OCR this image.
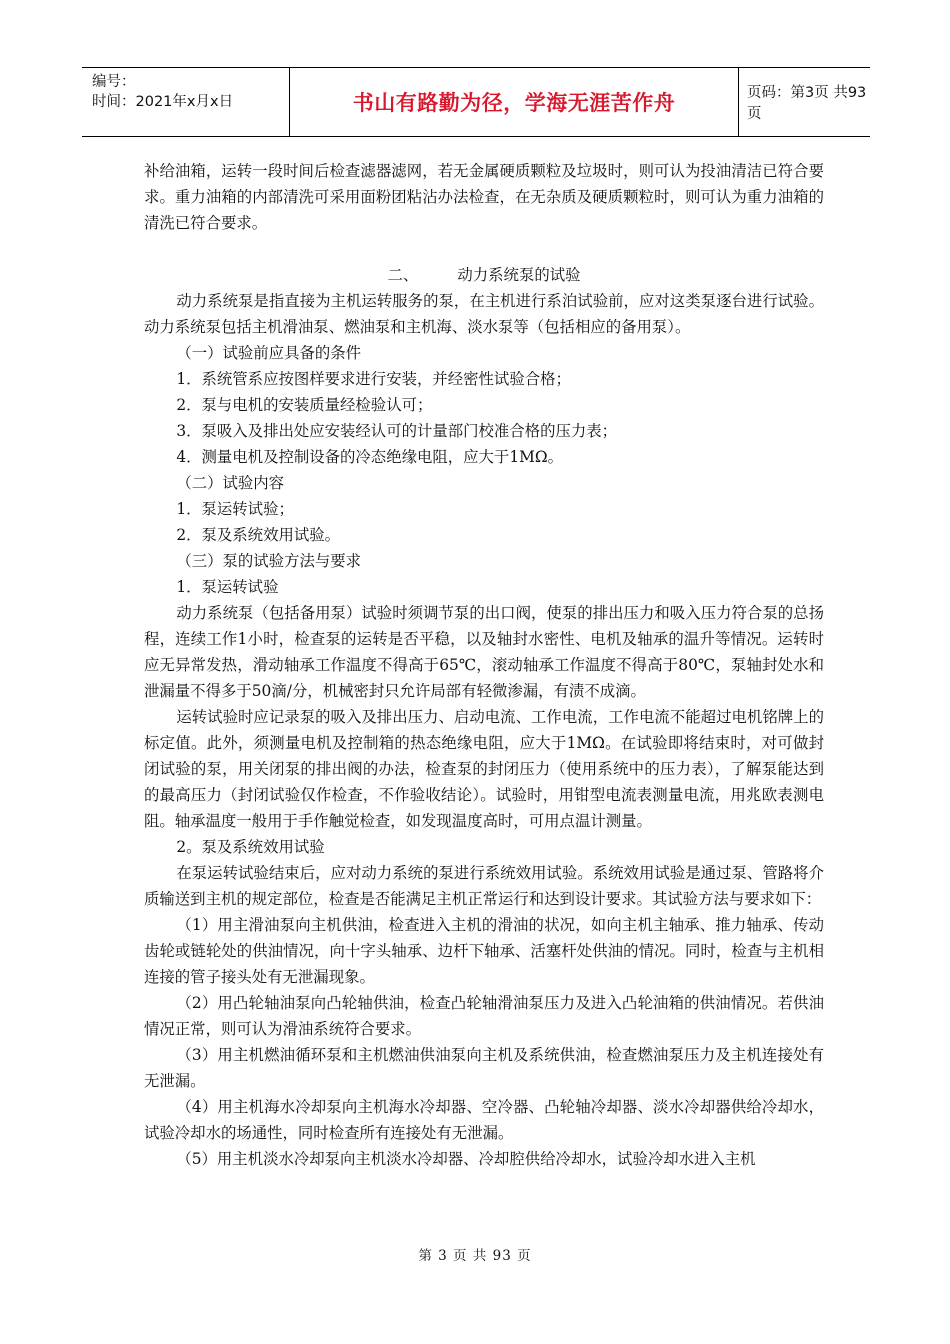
编号：
时间：2021年x月x日	书山有路勤为径，学海无涯苦作舟	页码：第3页 共93页

补给油箱，运转一段时间后检查滤器滤网，若无金属硬质颗粒及垃圾时，则可认为投油清洁已符合要求。重力油箱的内部清洗可采用面粉团粘沾办法检查，在无杂质及硬质颗粒时，则可认为重力油箱的清洗已符合要求。

二、        动力系统泵的试验

动力系统泵是指直接为主机运转服务的泵，在主机进行系泊试验前，应对这类泵逐台进行试验。动力系统泵包括主机滑油泵、燃油泵和主机海、淡水泵等（包括相应的备用泵）。

（一）试验前应具备的条件

1．系统管系应按图样要求进行安装，并经密性试验合格；

2．泵与电机的安装质量经检验认可；

3．泵吸入及排出处应安装经认可的计量部门校准合格的压力表；

4．测量电机及控制设备的冷态绝缘电阻，应大于1MΩ。

（二）试验内容

1．泵运转试验；

2．泵及系统效用试验。

（三）泵的试验方法与要求

1．泵运转试验

动力系统泵（包括备用泵）试验时须调节泵的出口阀，使泵的排出压力和吸入压力符合泵的总扬程，连续工作1小时，检查泵的运转是否平稳，以及轴封水密性、电机及轴承的温升等情况。运转时应无异常发热，滑动轴承工作温度不得高于65℃，滚动轴承工作温度不得高于80℃，泵轴封处水和泄漏量不得多于50滴/分，机械密封只允许局部有轻微渗漏，有渍不成滴。

运转试验时应记录泵的吸入及排出压力、启动电流、工作电流，工作电流不能超过电机铭牌上的标定值。此外，须测量电机及控制箱的热态绝缘电阻，应大于1MΩ。在试验即将结束时，对可做封闭试验的泵，用关闭泵的排出阀的办法，检查泵的封闭压力（使用系统中的压力表），了解泵能达到的最高压力（封闭试验仅作检查，不作验收结论）。试验时，用钳型电流表测量电流，用兆欧表测电阻。轴承温度一般用于手作触觉检查，如发现温度高时，可用点温计测量。

2。泵及系统效用试验

在泵运转试验结束后，应对动力系统的泵进行系统效用试验。系统效用试验是通过泵、管路将介质输送到主机的规定部位，检查是否能满足主机正常运行和达到设计要求。其试验方法与要求如下：

（1）用主滑油泵向主机供油，检查进入主机的滑油的状况，如向主机主轴承、推力轴承、传动齿轮或链轮处的供油情况，向十字头轴承、边杆下轴承、活塞杆处供油的情况。同时，检查与主机相连接的管子接头处有无泄漏现象。

（2）用凸轮轴油泵向凸轮轴供油，检查凸轮轴滑油泵压力及进入凸轮油箱的供油情况。若供油情况正常，则可认为滑油系统符合要求。

（3）用主机燃油循环泵和主机燃油供油泵向主机及系统供油，检查燃油泵压力及主机连接处有无泄漏。

（4）用主机海水冷却泵向主机海水冷却器、空冷器、凸轮轴冷却器、淡水冷却器供给冷却水，试验冷却水的场通性，同时检查所有连接处有无泄漏。

（5）用主机淡水冷却泵向主机淡水冷却器、冷却腔供给冷却水，试验冷却水进入主机

第 3 页 共 93 页
